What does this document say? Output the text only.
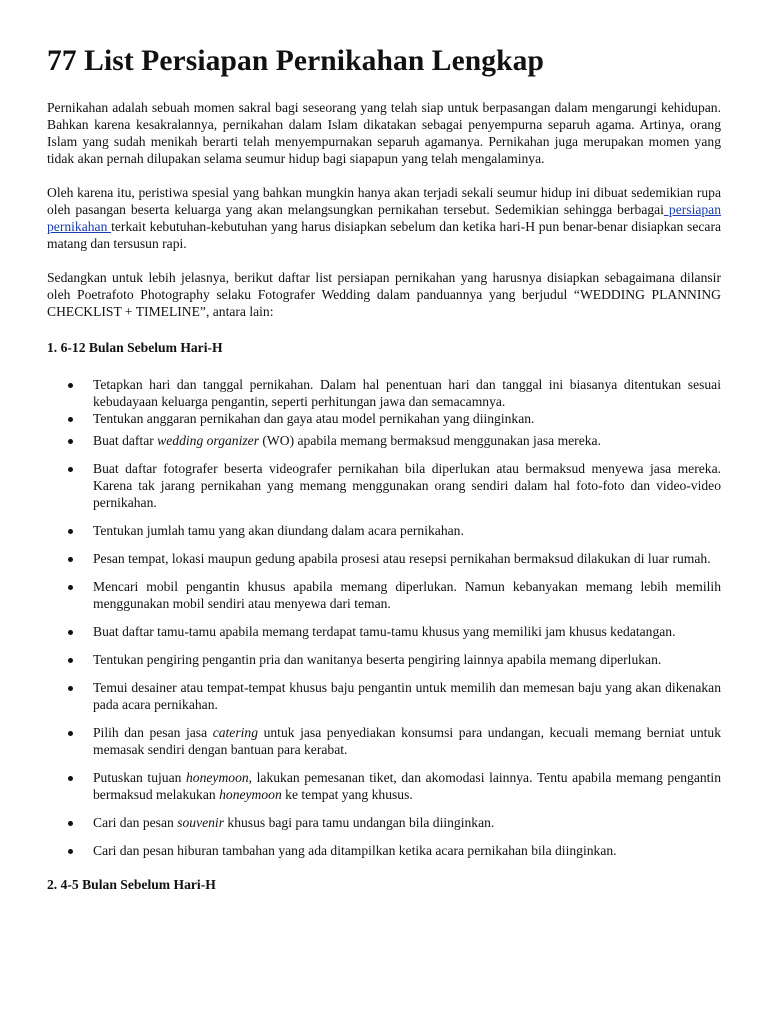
77 List Persiapan Pernikahan Lengkap

Pernikahan adalah sebuah momen sakral bagi seseorang yang telah siap untuk berpasangan dalam mengarungi kehidupan. Bahkan karena kesakralannya, pernikahan dalam Islam dikatakan sebagai penyempurna separuh agama. Artinya, orang Islam yang sudah menikah berarti telah menyempurnakan separuh agamanya. Pernikahan juga merupakan momen yang tidak akan pernah dilupakan selama seumur hidup bagi siapapun yang telah mengalaminya.

Oleh karena itu, peristiwa spesial yang bahkan mungkin hanya akan terjadi sekali seumur hidup ini dibuat sedemikian rupa oleh pasangan beserta keluarga yang akan melangsungkan pernikahan tersebut. Sedemikian sehingga berbagai persiapan pernikahan terkait kebutuhan-kebutuhan yang harus disiapkan sebelum dan ketika hari-H pun benar-benar disiapkan secara matang dan tersusun rapi.

Sedangkan untuk lebih jelasnya, berikut daftar list persiapan pernikahan yang harusnya disiapkan sebagaimana dilansir oleh Poetrafoto Photography selaku Fotografer Wedding dalam panduannya yang berjudul “WEDDING PLANNING CHECKLIST + TIMELINE”, antara lain:

1. 6-12 Bulan Sebelum Hari-H
Tetapkan hari dan tanggal pernikahan. Dalam hal penentuan hari dan tanggal ini biasanya ditentukan sesuai kebudayaan keluarga pengantin, seperti perhitungan jawa dan semacamnya.
Tentukan anggaran pernikahan dan gaya atau model pernikahan yang diinginkan.
Buat daftar wedding organizer (WO) apabila memang bermaksud menggunakan jasa mereka.
Buat daftar fotografer beserta videografer pernikahan bila diperlukan atau bermaksud menyewa jasa mereka. Karena tak jarang pernikahan yang memang menggunakan orang sendiri dalam hal foto-foto dan video-video pernikahan.
Tentukan jumlah tamu yang akan diundang dalam acara pernikahan.
Pesan tempat, lokasi maupun gedung apabila prosesi atau resepsi pernikahan bermaksud dilakukan di luar rumah.
Mencari mobil pengantin khusus apabila memang diperlukan. Namun kebanyakan memang lebih memilih menggunakan mobil sendiri atau menyewa dari teman.
Buat daftar tamu-tamu apabila memang terdapat tamu-tamu khusus yang memiliki jam khusus kedatangan.
Tentukan pengiring pengantin pria dan wanitanya beserta pengiring lainnya apabila memang diperlukan.
Temui desainer atau tempat-tempat khusus baju pengantin untuk memilih dan memesan baju yang akan dikenakan pada acara pernikahan.
Pilih dan pesan jasa catering untuk jasa penyediakan konsumsi para undangan, kecuali memang berniat untuk memasak sendiri dengan bantuan para kerabat.
Putuskan tujuan honeymoon, lakukan pemesanan tiket, dan akomodasi lainnya. Tentu apabila memang pengantin bermaksud melakukan honeymoon ke tempat yang khusus.
Cari dan pesan souvenir khusus bagi para tamu undangan bila diinginkan.
Cari dan pesan hiburan tambahan yang ada ditampilkan ketika acara pernikahan bila diinginkan.
2. 4-5 Bulan Sebelum Hari-H
